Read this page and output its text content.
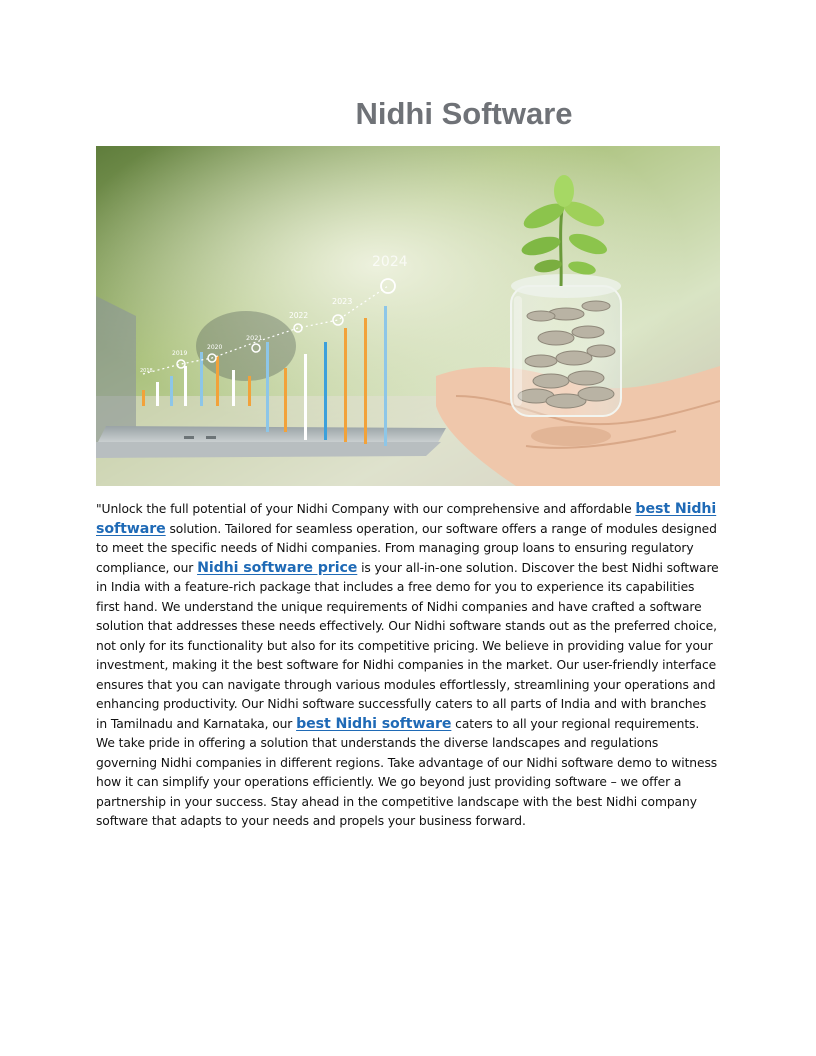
Nidhi Software
2018
2019
2020
2021
2022
2023
2024

"Unlock the full potential of your Nidhi Company with our comprehensive and affordable best Nidhi software solution. Tailored for seamless operation, our software offers a range of modules designed to meet the specific needs of Nidhi companies. From managing group loans to ensuring regulatory compliance, our Nidhi software price is your all-in-one solution. Discover the best Nidhi software in India with a feature-rich package that includes a free demo for you to experience its capabilities first hand. We understand the unique requirements of Nidhi companies and have crafted a software solution that addresses these needs effectively. Our Nidhi software stands out as the preferred choice, not only for its functionality but also for its competitive pricing. We believe in providing value for your investment, making it the best software for Nidhi companies in the market. Our user-friendly interface ensures that you can navigate through various modules effortlessly, streamlining your operations and enhancing productivity. Our Nidhi software successfully caters to all parts of India and with branches in Tamilnadu and Karnataka, our best Nidhi software caters to all your regional requirements. We take pride in offering a solution that understands the diverse landscapes and regulations governing Nidhi companies in different regions. Take advantage of our Nidhi software demo to witness how it can simplify your operations efficiently. We go beyond just providing software – we offer a partnership in your success. Stay ahead in the competitive landscape with the best Nidhi company software that adapts to your needs and propels your business forward.
